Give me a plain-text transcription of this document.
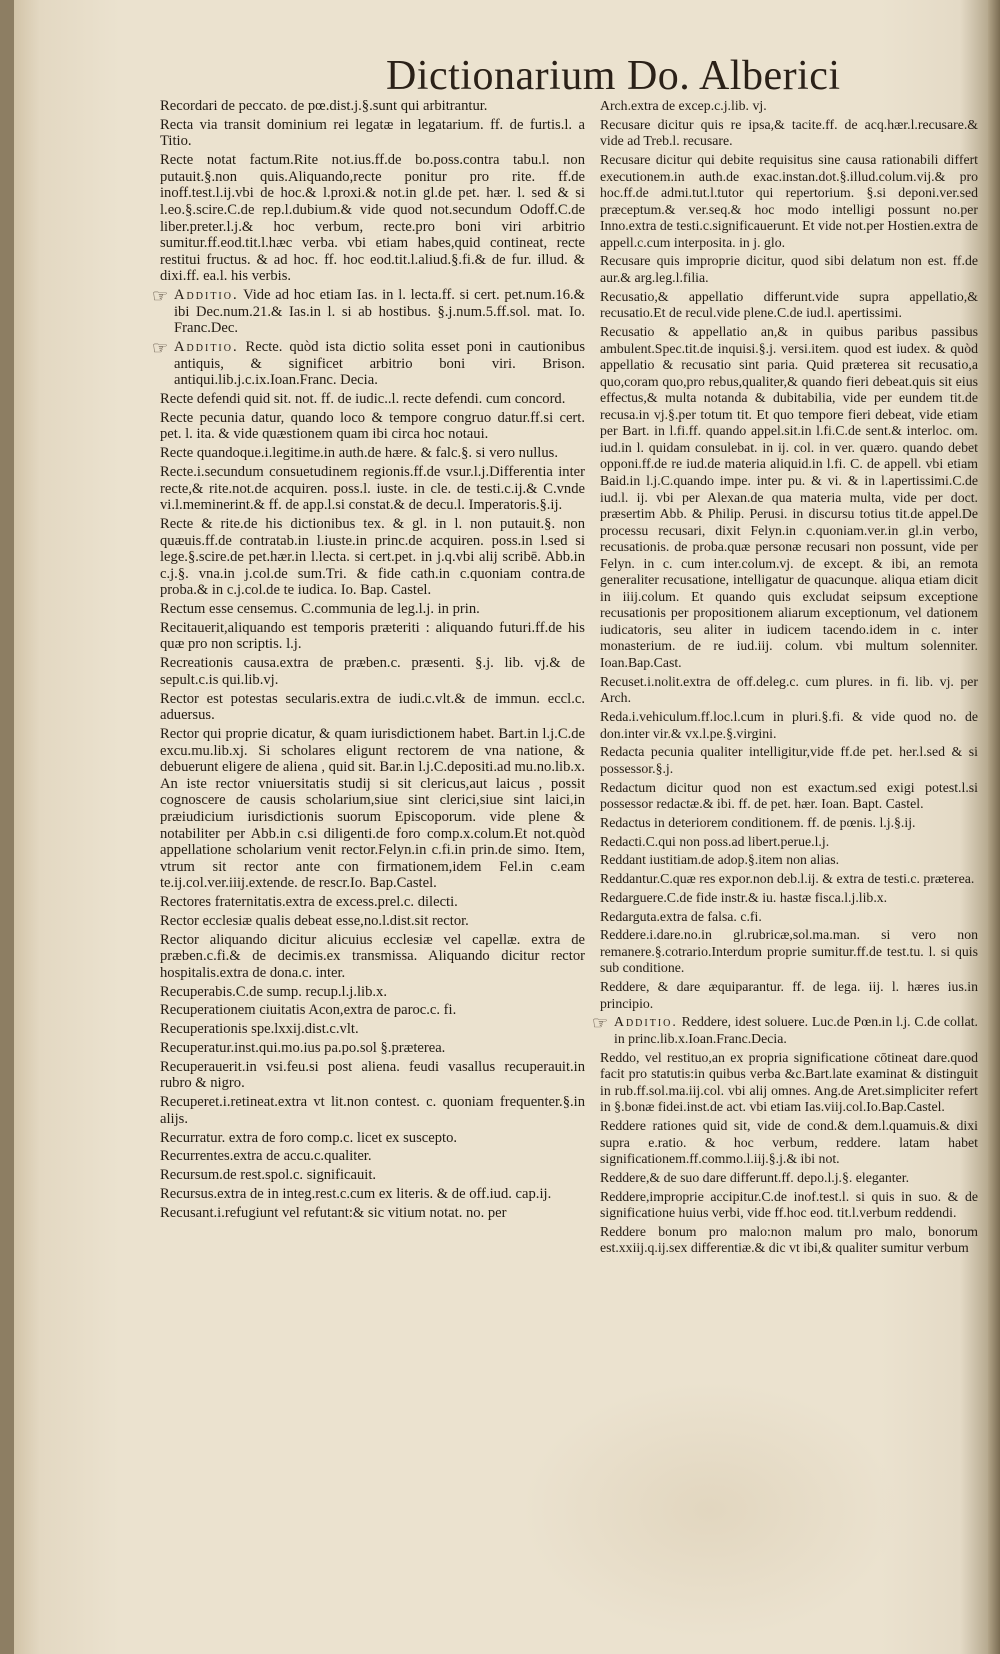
Dictionarium Do. Alberici
Recordari de peccato. de pœ.dist.j.§.sunt qui arbitrantur.
Recta via transit dominium rei legatæ in legatarium. ff. de furtis.l. a Titio.
Recte notat factum.Rite not.ius.ff.de bo.poss.contra tabu.l. non putauit.§.non quis.Aliquando,recte ponitur pro rite. ff.de inoff.test.l.ij.vbi de hoc.& l.proxi.& not.in gl.de pet. hær. l. sed & si l.eo.§.scire.C.de rep.l.dubium.& vide quod not.secundum Odoff.C.de liber.preter.l.j.& hoc verbum, recte.pro boni viri arbitrio sumitur.ff.eod.tit.l.hæc verba. vbi etiam habes,quid contineat, recte restitui fructus. & ad hoc. ff. hoc eod.tit.l.aliud.§.fi.& de fur. illud. & dixi.ff. ea.l. his verbis.
☞ Additio. Vide ad hoc etiam Ias. in l. lecta.ff. si cert. pet.num.16.& ibi Dec.num.21.& Ias.in l. si ab hostibus. §.j.num.5.ff.sol. mat. Io. Franc.Dec.
☞ Additio. Recte. quòd ista dictio solita esset poni in cautionibus antiquis, & significet arbitrio boni viri. Brison. antiqui.lib.j.c.ix.Ioan.Franc. Decia.
Recte defendi quid sit. not. ff. de iudic..l. recte defendi. cum concord.
Recte pecunia datur, quando loco & tempore congruo datur.ff.si cert. pet. l. ita. & vide quæstionem quam ibi circa hoc notaui.
Recte quandoque.i.legitime.in auth.de hære. & falc.§. si vero nullus.
Recte.i.secundum consuetudinem regionis.ff.de vsur.l.j.Differentia inter recte,& rite.not.de acquiren. poss.l. iuste. in cle. de testi.c.ij.& C.vnde vi.l.meminerint.& ff. de app.l.si constat.& de decu.l. Imperatoris.§.ij.
Recte & rite.de his dictionibus tex. & gl. in l. non putauit.§. non quæuis.ff.de contratab.in l.iuste.in princ.de acquiren. poss.in l.sed si lege.§.scire.de pet.hær.in l.lecta. si cert.pet. in j.q.vbi alij scribē. Abb.in c.j.§. vna.in j.col.de sum.Tri. & fide cath.in c.quoniam contra.de proba.& in c.j.col.de te iudica. Io. Bap. Castel.
Rectum esse censemus. C.communia de leg.l.j. in prin.
Recitauerit,aliquando est temporis præteriti : aliquando futuri.ff.de his quæ pro non scriptis. l.j.
Recreationis causa.extra de præben.c. præsenti. §.j. lib. vj.& de sepult.c.is qui.lib.vj.
Rector est potestas secularis.extra de iudi.c.vlt.& de immun. eccl.c. aduersus.
Rector qui proprie dicatur, & quam iurisdictionem habet. Bart.in l.j.C.de excu.mu.lib.xj. Si scholares eligunt rectorem de vna natione, & debuerunt eligere de aliena , quid sit. Bar.in l.j.C.depositi.ad mu.no.lib.x. An iste rector vniuersitatis studij si sit clericus,aut laicus , possit cognoscere de causis scholarium,siue sint clerici,siue sint laici,in præiudicium iurisdictionis suorum Episcoporum. vide plene & notabiliter per Abb.in c.si diligenti.de foro comp.x.colum.Et not.quòd appellatione scholarium venit rector.Felyn.in c.fi.in prin.de simo. Item, vtrum sit rector ante con firmationem,idem Fel.in c.eam te.ij.col.ver.iiij.extende. de rescr.Io. Bap.Castel.
Rectores fraternitatis.extra de excess.prel.c. dilecti.
Rector ecclesiæ qualis debeat esse,no.l.dist.sit rector.
Rector aliquando dicitur alicuius ecclesiæ vel capellæ. extra de præben.c.fi.& de decimis.ex transmissa. Aliquando dicitur rector hospitalis.extra de dona.c. inter.
Recuperabis.C.de sump. recup.l.j.lib.x.
Recuperationem ciuitatis Acon,extra de paroc.c. fi.
Recuperationis spe.lxxij.dist.c.vlt.
Recuperatur.inst.qui.mo.ius pa.po.sol §.præterea.
Recuperauerit.in vsi.feu.si post aliena. feudi vasallus recuperauit.in rubro & nigro.
Recuperet.i.retineat.extra vt lit.non contest. c. quoniam frequenter.§.in alijs.
Recurratur. extra de foro comp.c. licet ex suscepto.
Recurrentes.extra de accu.c.qualiter.
Recursum.de rest.spol.c. significauit.
Recursus.extra de in integ.rest.c.cum ex literis. & de off.iud. cap.ij.
Recusant.i.refugiunt vel refutant:& sic vitium notat. no. per
Arch.extra de excep.c.j.lib. vj.
Recusare dicitur quis re ipsa,& tacite.ff. de acq.hær.l.recusare.& vide ad Treb.l. recusare.
Recusare dicitur qui debite requisitus sine causa rationabili differt executionem.in auth.de exac.instan.dot.§.illud.colum.vij.& pro hoc.ff.de admi.tut.l.tutor qui repertorium. §.si deponi.ver.sed præceptum.& ver.seq.& hoc modo intelligi possunt no.per Inno.extra de testi.c.significauerunt. Et vide not.per Hostien.extra de appell.c.cum interposita. in j. glo.
Recusare quis improprie dicitur, quod sibi delatum non est. ff.de aur.& arg.leg.l.filia.
Recusatio,& appellatio differunt.vide supra appellatio,& recusatio.Et de recul.vide plene.C.de iud.l. apertissimi.
Recusatio & appellatio an,& in quibus paribus passibus ambulent.Spec.tit.de inquisi.§.j. versi.item. quod est iudex. & quòd appellatio & recusatio sint paria. Quid præterea sit recusatio,a quo,coram quo,pro rebus,qualiter,& quando fieri debeat.quis sit eius effectus,& multa notanda & dubitabilia, vide per eundem tit.de recusa.in vj.§.per totum tit. Et quo tempore fieri debeat, vide etiam per Bart. in l.fi.ff. quando appel.sit.in l.fi.C.de sent.& interloc. om. iud.in l. quidam consulebat. in ij. col. in ver. quæro. quando debet opponi.ff.de re iud.de materia aliquid.in l.fi. C. de appell. vbi etiam Baid.in l.j.C.quando impe. inter pu. & vi. & in l.apertissimi.C.de iud.l. ij. vbi per Alexan.de qua materia multa, vide per doct. præsertim Abb. & Philip. Perusi. in discursu totius tit.de appel.De processu recusari, dixit Felyn.in c.quoniam.ver.in gl.in verbo, recusationis. de proba.quæ personæ recusari non possunt, vide per Felyn. in c. cum inter.colum.vj. de except. & ibi, an remota generaliter recusatione, intelligatur de quacunque. aliqua etiam dicit in iiij.colum. Et quando quis excludat seipsum exceptione recusationis per propositionem aliarum exceptionum, vel dationem iudicatoris, seu aliter in iudicem tacendo.idem in c. inter monasterium. de re iud.iij. colum. vbi multum solenniter. Ioan.Bap.Cast.
Recuset.i.nolit.extra de off.deleg.c. cum plures. in fi. lib. vj. per Arch.
Reda.i.vehiculum.ff.loc.l.cum in pluri.§.fi. & vide quod no. de don.inter vir.& vx.l.pe.§.virgini.
Redacta pecunia qualiter intelligitur,vide ff.de pet. her.l.sed & si possessor.§.j.
Redactum dicitur quod non est exactum.sed exigi potest.l.si possessor redactæ.& ibi. ff. de pet. hær. Ioan. Bapt. Castel.
Redactus in deteriorem conditionem. ff. de pœnis. l.j.§.ij.
Redacti.C.qui non poss.ad libert.perue.l.j.
Reddant iustitiam.de adop.§.item non alias.
Reddantur.C.quæ res expor.non deb.l.ij. & extra de testi.c. præterea.
Redarguere.C.de fide instr.& iu. hastæ fisca.l.j.lib.x.
Redarguta.extra de falsa. c.fi.
Reddere.i.dare.no.in gl.rubricæ,sol.ma.man. si vero non remanere.§.cotrario.Interdum proprie sumitur.ff.de test.tu. l. si quis sub conditione.
Reddere, & dare æquiparantur. ff. de lega. iij. l. hæres ius.in principio.
☞ Additio. Reddere, idest soluere. Luc.de Pœn.in l.j. C.de collat. in princ.lib.x.Ioan.Franc.Decia.
Reddo, vel restituo,an ex propria significatione cōtineat dare.quod facit pro statutis:in quibus verba &c.Bart.late examinat & distinguit in rub.ff.sol.ma.iij.col. vbi alij omnes. Ang.de Aret.simpliciter refert in §.bonæ fidei.inst.de act. vbi etiam Ias.viij.col.Io.Bap.Castel.
Reddere rationes quid sit, vide de cond.& dem.l.quamuis.& dixi supra e.ratio. & hoc verbum, reddere. latam habet significationem.ff.commo.l.iij.§.j.& ibi not.
Reddere,& de suo dare differunt.ff. depo.l.j.§. eleganter.
Reddere,improprie accipitur.C.de inof.test.l. si quis in suo. & de significatione huius verbi, vide ff.hoc eod. tit.l.verbum reddendi.
Reddere bonum pro malo:non malum pro malo, bonorum est.xxiij.q.ij.sex differentiæ.& dic vt ibi,& qualiter sumitur verbum
